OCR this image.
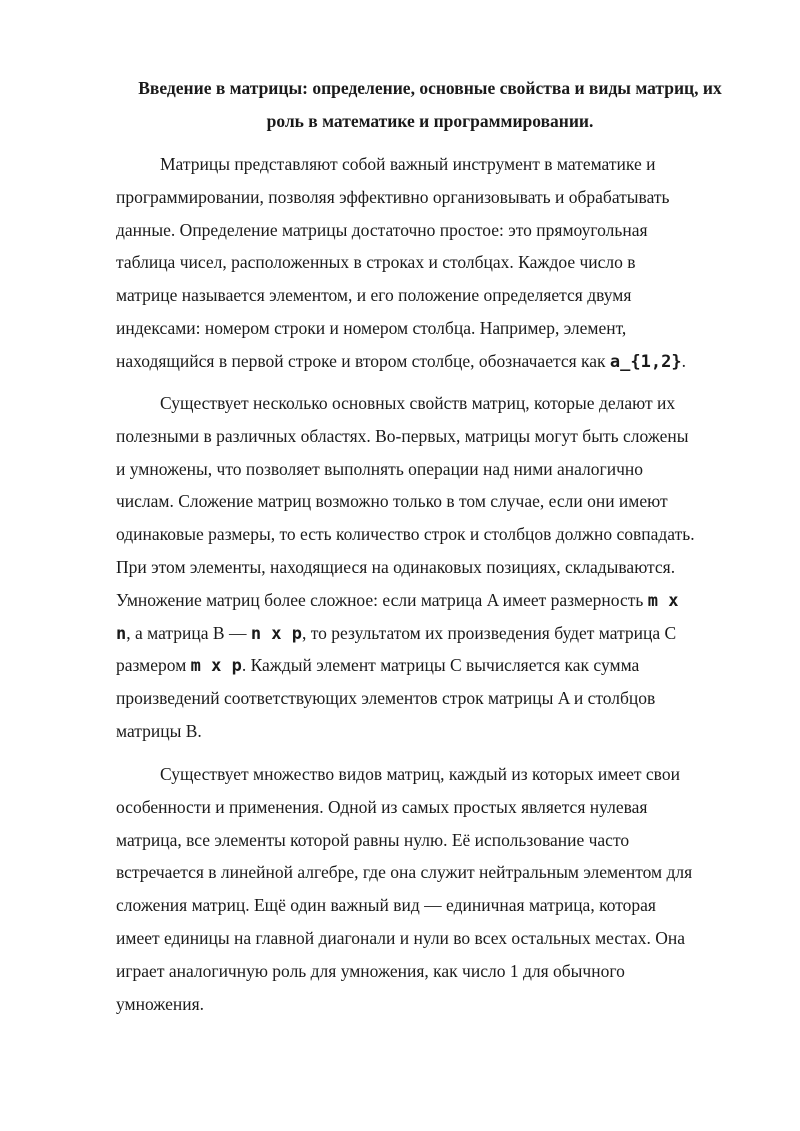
Введение в матрицы: определение, основные свойства и виды матриц, их
роль в математике и программировании.

Матрицы представляют собой важный инструмент в математике и
программировании, позволяя эффективно организовывать и обрабатывать
данные. Определение матрицы достаточно простое: это прямоугольная
таблица чисел, расположенных в строках и столбцах. Каждое число в
матрице называется элементом, и его положение определяется двумя
индексами: номером строки и номером столбца. Например, элемент,
находящийся в первой строке и втором столбце, обозначается как a_{1,2}.

Существует несколько основных свойств матриц, которые делают их
полезными в различных областях. Во-первых, матрицы могут быть сложены
и умножены, что позволяет выполнять операции над ними аналогично
числам. Сложение матриц возможно только в том случае, если они имеют
одинаковые размеры, то есть количество строк и столбцов должно совпадать.
При этом элементы, находящиеся на одинаковых позициях, складываются.
Умножение матриц более сложное: если матрица A имеет размерность m x
n, а матрица B — n x p, то результатом их произведения будет матрица C
размером m x p. Каждый элемент матрицы C вычисляется как сумма
произведений соответствующих элементов строк матрицы A и столбцов
матрицы B.

Существует множество видов матриц, каждый из которых имеет свои
особенности и применения. Одной из самых простых является нулевая
матрица, все элементы которой равны нулю. Её использование часто
встречается в линейной алгебре, где она служит нейтральным элементом для
сложения матриц. Ещё один важный вид — единичная матрица, которая
имеет единицы на главной диагонали и нули во всех остальных местах. Она
играет аналогичную роль для умножения, как число 1 для обычного
умножения.
